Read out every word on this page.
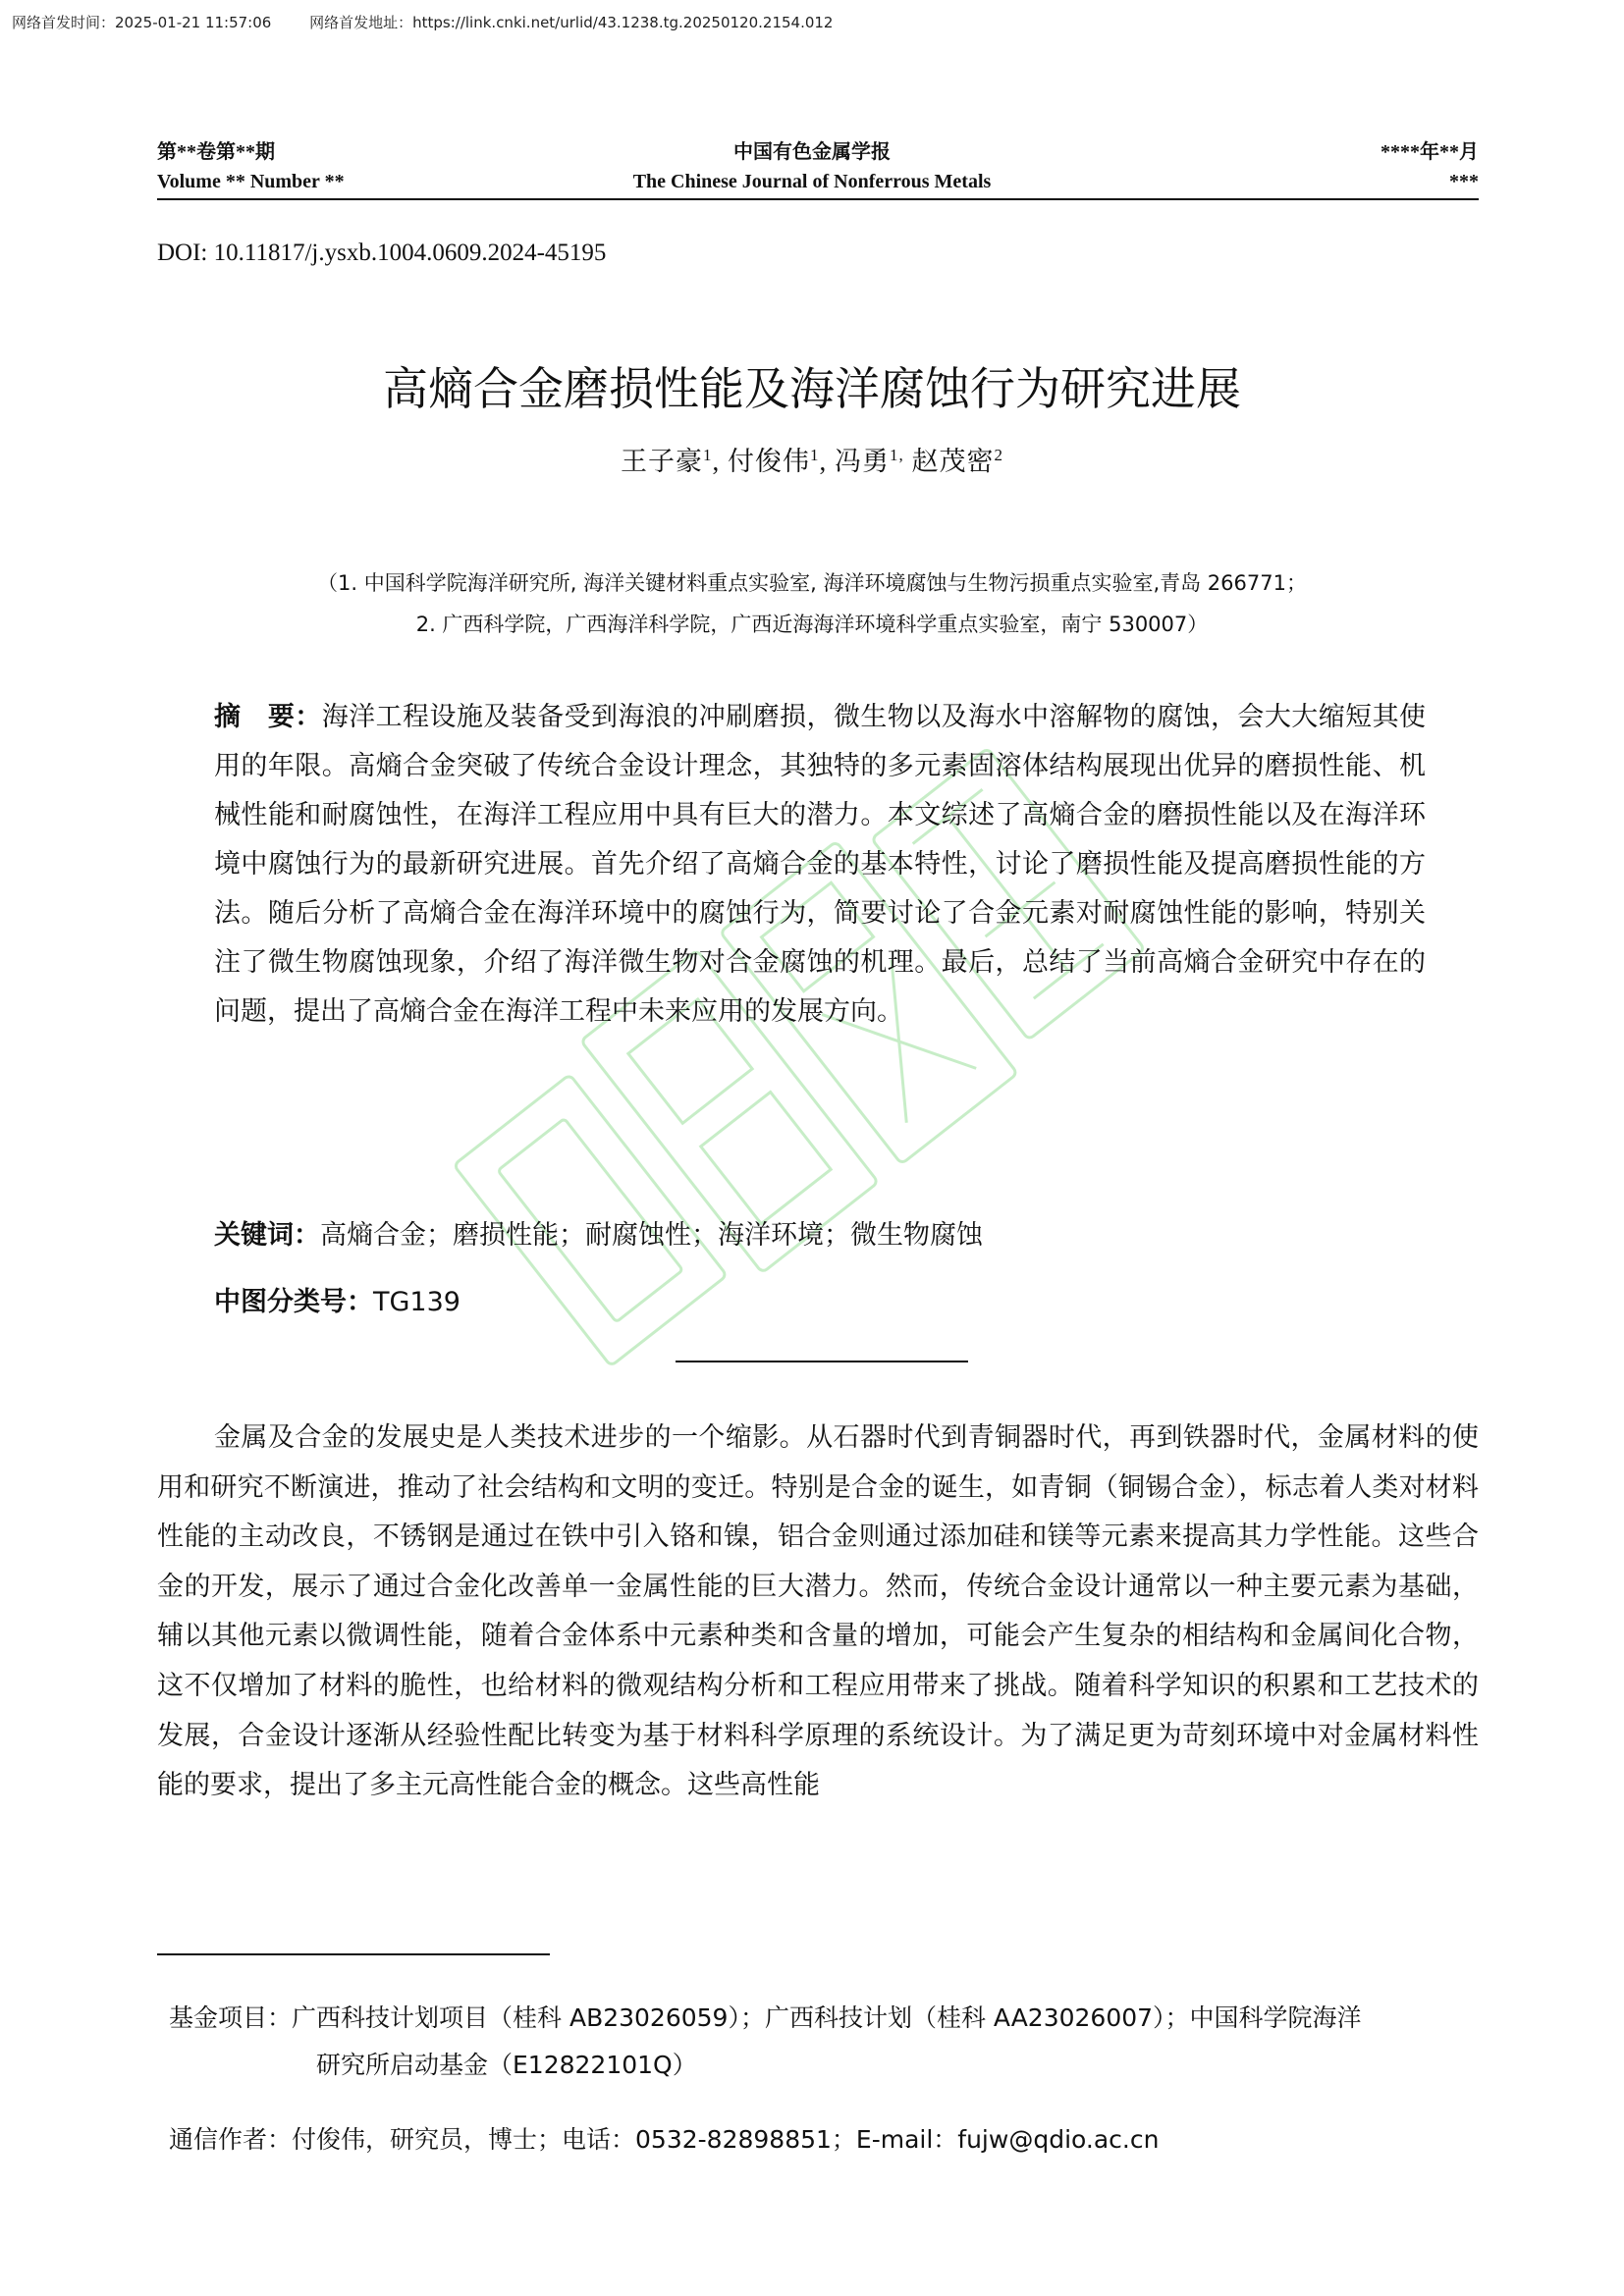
网络首发时间：2025-01-21 11:57:06	网络首发地址：https://link.cnki.net/urlid/43.1238.tg.20250120.2154.012
第**卷第**期
Volume ** Number **
中国有色金属学报
The Chinese Journal of Nonferrous Metals
****年**月
***
DOI: 10.11817/j.ysxb.1004.0609.2024-45195
高熵合金磨损性能及海洋腐蚀行为研究进展
王子豪$^1$, 付俊伟$^1$, 冯勇$^{1,}$ 赵茂密$^2$
（1. 中国科学院海洋研究所, 海洋关键材料重点实验室, 海洋环境腐蚀与生物污损重点实验室,青岛 266771；
2. 广西科学院，广西海洋科学院，广西近海海洋环境科学重点实验室，南宁 530007）
摘　要：海洋工程设施及装备受到海浪的冲刷磨损，微生物以及海水中溶解物的腐蚀，会大大缩短其使用的年限。高熵合金突破了传统合金设计理念，其独特的多元素固溶体结构展现出优异的磨损性能、机械性能和耐腐蚀性，在海洋工程应用中具有巨大的潜力。本文综述了高熵合金的磨损性能以及在海洋环境中腐蚀行为的最新研究进展。首先介绍了高熵合金的基本特性，讨论了磨损性能及提高磨损性能的方法。随后分析了高熵合金在海洋环境中的腐蚀行为，简要讨论了合金元素对耐腐蚀性能的影响，特别关注了微生物腐蚀现象，介绍了海洋微生物对合金腐蚀的机理。最后，总结了当前高熵合金研究中存在的问题，提出了高熵合金在海洋工程中未来应用的发展方向。
关键词：高熵合金；磨损性能；耐腐蚀性；海洋环境；微生物腐蚀
中图分类号：TG139
金属及合金的发展史是人类技术进步的一个缩影。从石器时代到青铜器时代，再到铁器时代，金属材料的使用和研究不断演进，推动了社会结构和文明的变迁。特别是合金的诞生，如青铜（铜锡合金），标志着人类对材料性能的主动改良，不锈钢是通过在铁中引入铬和镍，铝合金则通过添加硅和镁等元素来提高其力学性能。这些合金的开发，展示了通过合金化改善单一金属性能的巨大潜力。然而，传统合金设计通常以一种主要元素为基础，辅以其他元素以微调性能，随着合金体系中元素种类和含量的增加，可能会产生复杂的相结构和金属间化合物，这不仅增加了材料的脆性，也给材料的微观结构分析和工程应用带来了挑战。随着科学知识的积累和工艺技术的发展，合金设计逐渐从经验性配比转变为基于材料科学原理的系统设计。为了满足更为苛刻环境中对金属材料性能的要求，提出了多主元高性能合金的概念。这些高性能
基金项目：广西科技计划项目（桂科 AB23026059）；广西科技计划（桂科 AA23026007）；中国科学院海洋
研究所启动基金（E12822101Q）
通信作者：付俊伟，研究员，博士；电话：0532-82898851；E-mail：fujw@qdio.ac.cn
